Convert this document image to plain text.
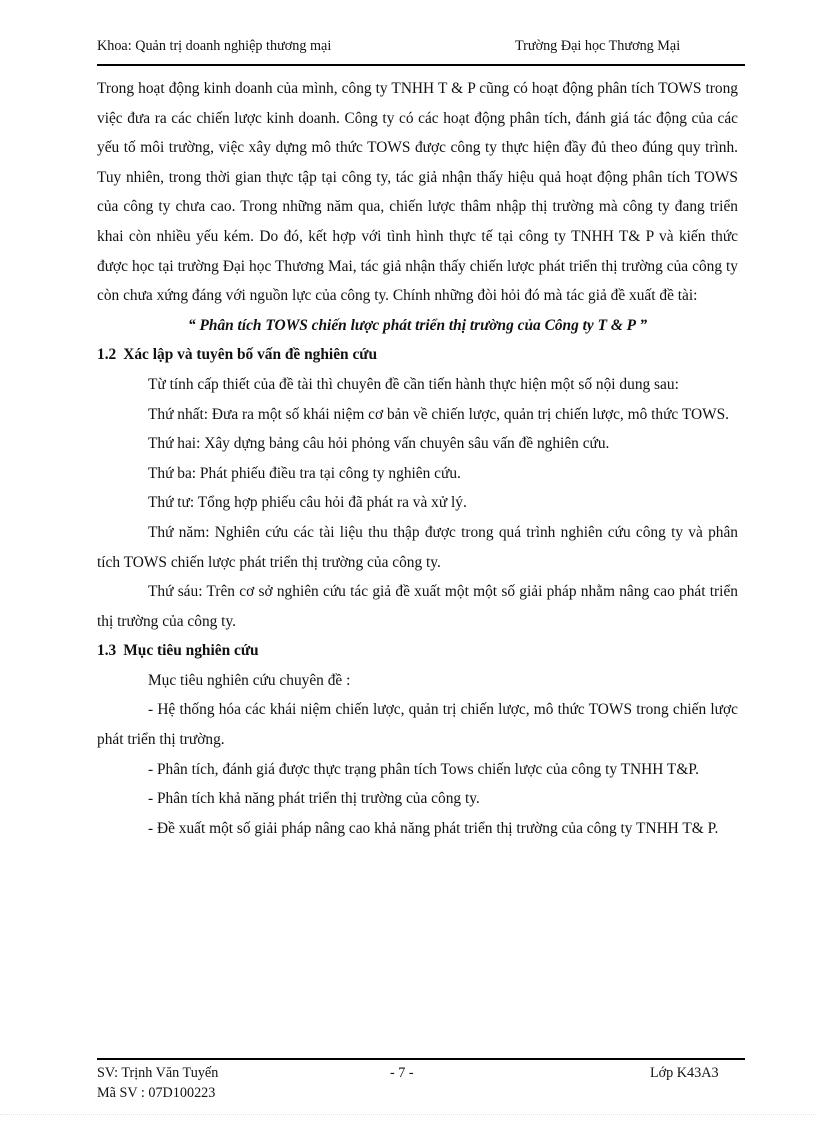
Khoa: Quản trị doanh nghiệp thương mại	Trường Đại học Thương Mại

Trong hoạt động kinh doanh của mình, công ty TNHH T & P cũng có hoạt động phân tích TOWS trong việc đưa ra các chiến lược kinh doanh. Công ty có các hoạt động phân tích, đánh giá tác động của các yếu tố môi trường, việc xây dựng mô thức TOWS được công ty thực hiện đầy đủ theo đúng quy trình. Tuy nhiên, trong thời gian thực tập tại công ty, tác giả nhận thấy hiệu quả hoạt động phân tích TOWS của công ty chưa cao. Trong những năm qua, chiến lược thâm nhập thị trường mà công ty đang triển khai còn nhiều yếu kém. Do đó, kết hợp với tình hình thực tế tại công ty TNHH T& P và kiến thức được học tại trường Đại học Thương Mai, tác giả nhận thấy chiến lược phát triển thị trường của công ty còn chưa xứng đáng với nguồn lực của công ty. Chính những đòi hỏi đó mà tác giả đề xuất đề tài:

“ Phân tích TOWS chiến lược phát triển thị trường của Công ty T & P ”

1.2 Xác lập và tuyên bố vấn đề nghiên cứu

Từ tính cấp thiết của đề tài thì chuyên đề cần tiến hành thực hiện một số nội dung sau:

Thứ nhất: Đưa ra một số khái niệm cơ bản về chiến lược, quản trị chiến lược, mô thức TOWS.

Thứ hai: Xây dựng bảng câu hỏi phỏng vấn chuyên sâu vấn đề nghiên cứu.

Thứ ba: Phát phiếu điều tra tại công ty nghiên cứu.

Thứ tư: Tổng hợp phiếu câu hỏi đã phát ra và xử lý.

Thứ năm: Nghiên cứu các tài liệu thu thập được trong quá trình nghiên cứu công ty và phân tích TOWS chiến lược phát triển thị trường của công ty.

Thứ sáu: Trên cơ sở nghiên cứu tác giả đề xuất một một số giải pháp nhằm nâng cao phát triển thị trường của công ty.

1.3 Mục tiêu nghiên cứu

Mục tiêu nghiên cứu chuyên đề :

- Hệ thống hóa các khái niệm chiến lược, quản trị chiến lược, mô thức TOWS trong chiến lược phát triển thị trường.

- Phân tích, đánh giá được thực trạng phân tích Tows chiến lược của công ty TNHH T&P.

- Phân tích khả năng phát triển thị trường của công ty.

- Đề xuất một số giải pháp nâng cao khả năng phát triển thị trường của công ty TNHH T& P.

SV: Trịnh Văn Tuyến	- 7 -	Lớp K43A3
Mã SV : 07D100223
